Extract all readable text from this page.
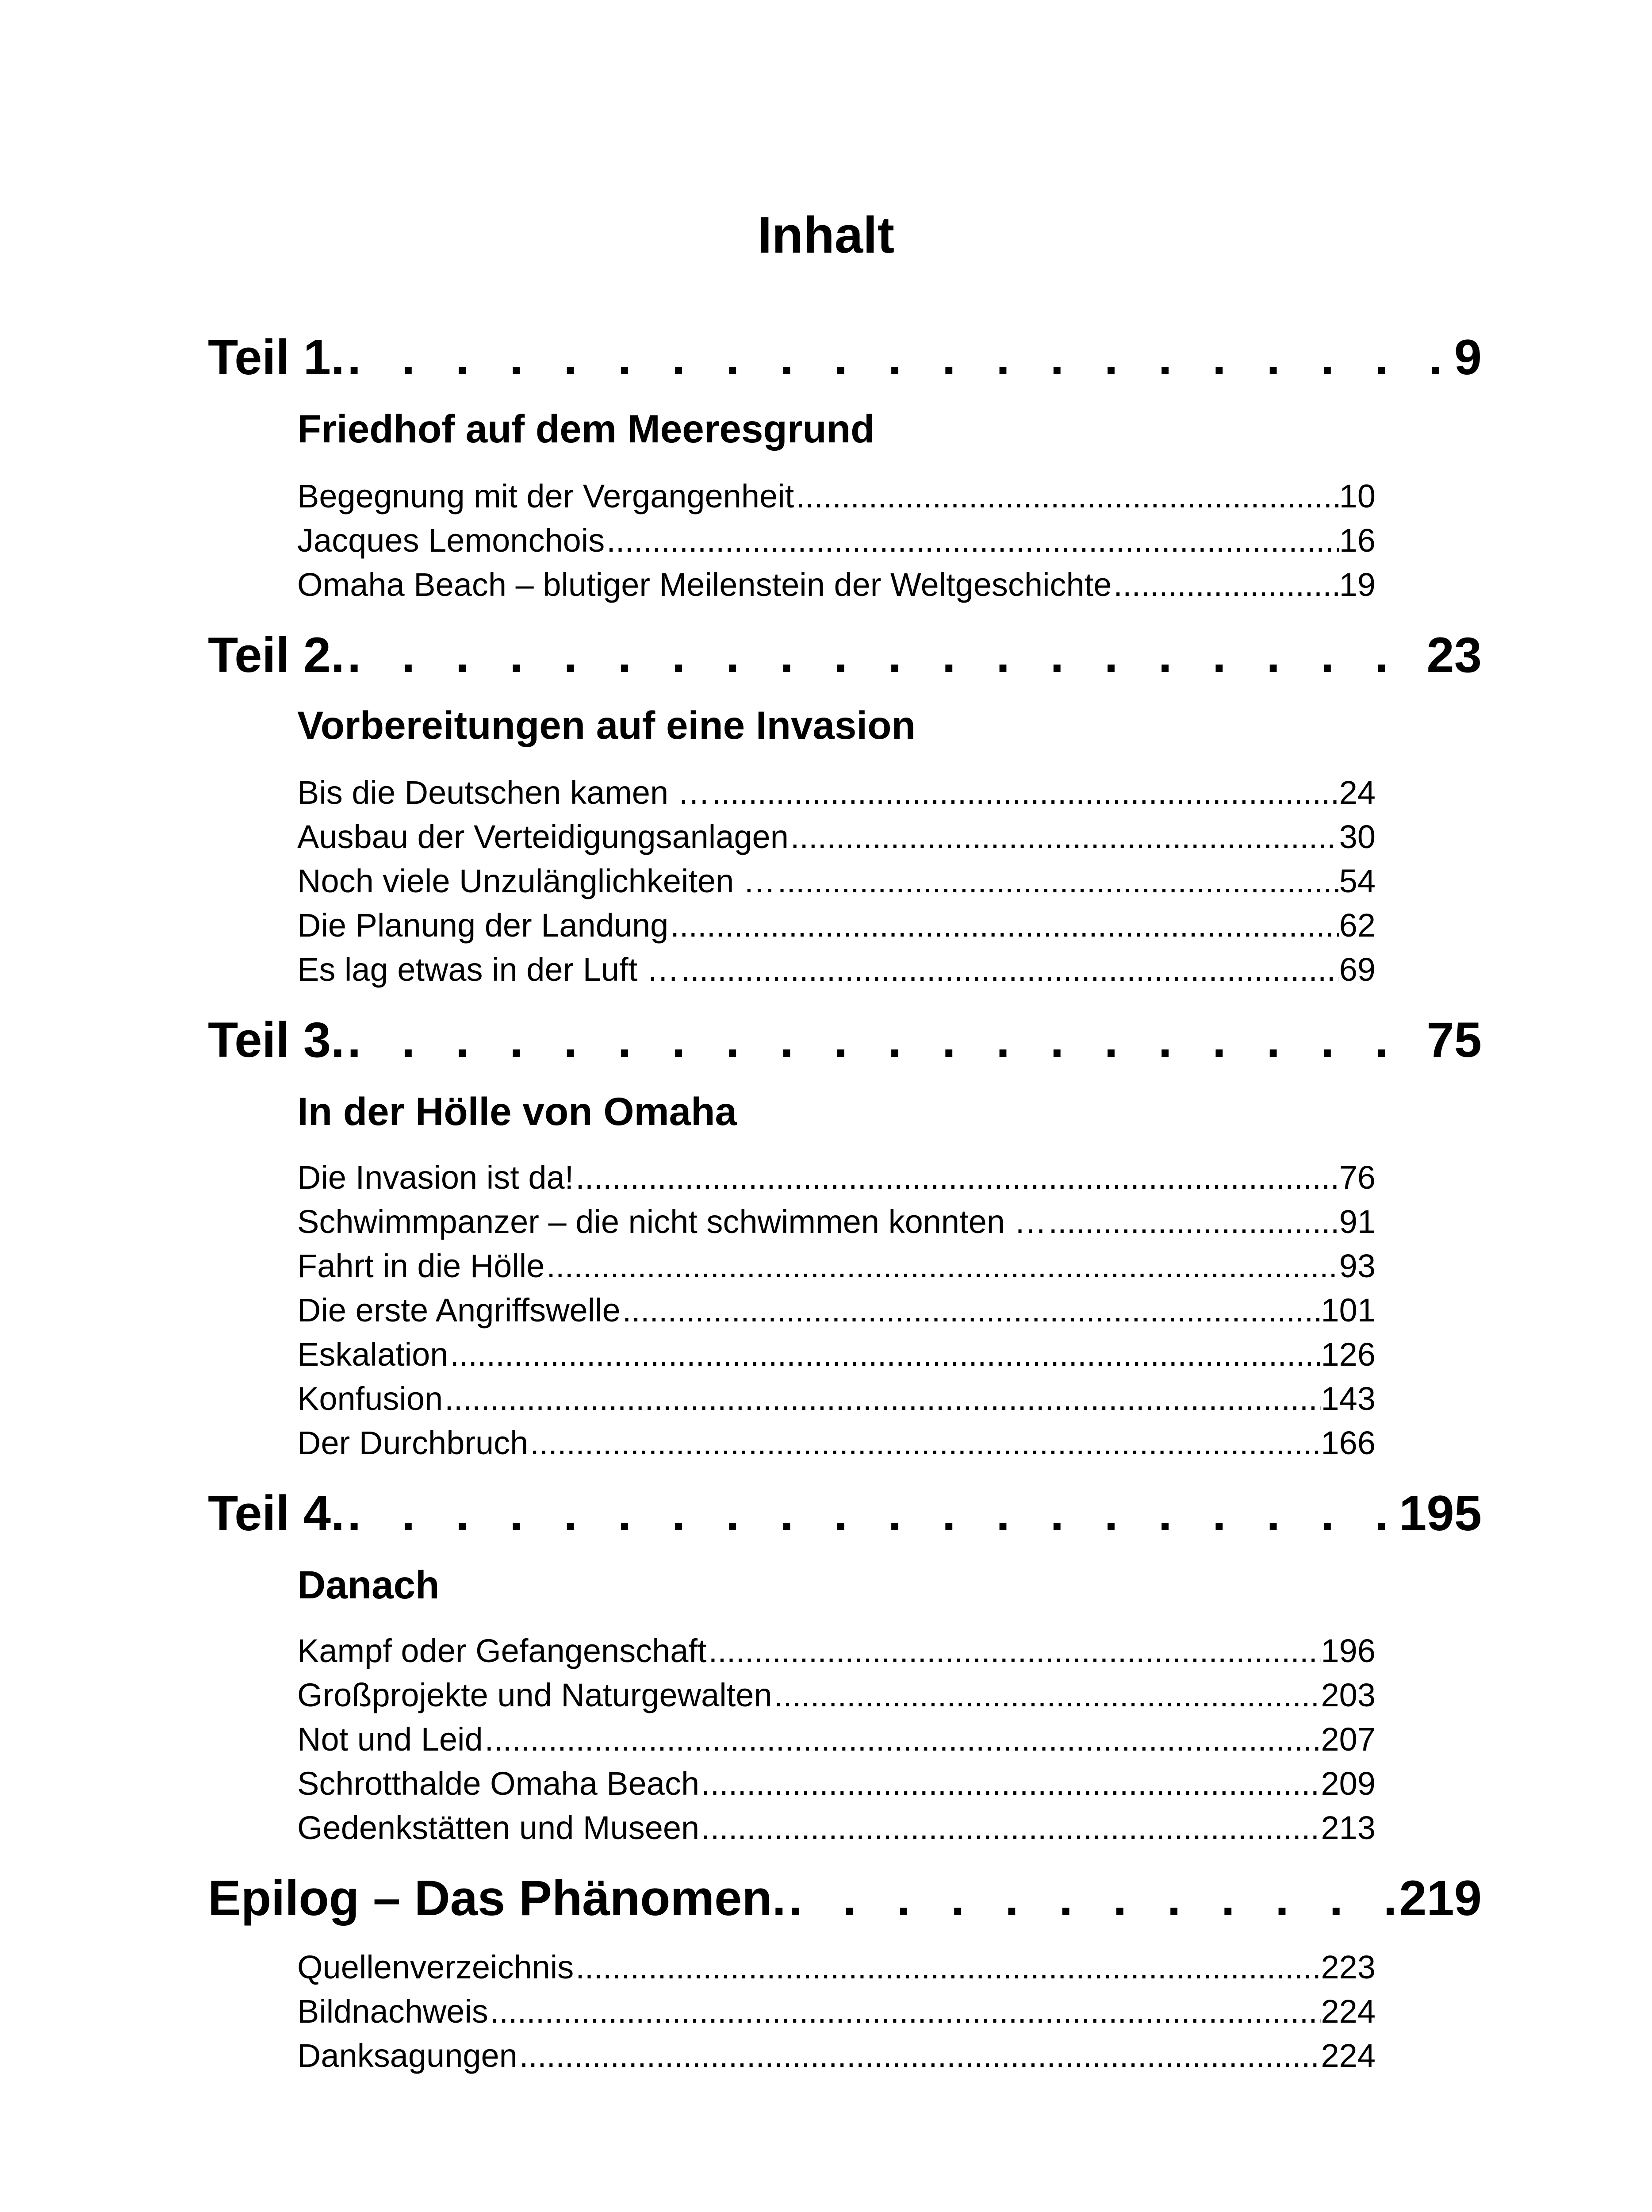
Inhalt
Teil 1. . . .	9
Friedhof auf dem Meeresgrund
Begegnung mit der Vergangenheit .....	10
Jacques Lemonchois .....	16
Omaha Beach – blutiger Meilenstein der Weltgeschichte .....	19
Teil 2. . . .	23
Vorbereitungen auf eine Invasion
Bis die Deutschen kamen … .....	24
Ausbau der Verteidigungsanlagen .....	30
Noch viele Unzulänglichkeiten … .....	54
Die Planung der Landung .....	62
Es lag etwas in der Luft … .....	69
Teil 3. . . .	75
In der Hölle von Omaha
Die Invasion ist da! .....	76
Schwimmpanzer – die nicht schwimmen konnten … .....	91
Fahrt in die Hölle .....	93
Die erste Angriffswelle .....	101
Eskalation .....	126
Konfusion .....	143
Der Durchbruch .....	166
Teil 4. . . .	195
Danach
Kampf oder Gefangenschaft .....	196
Großprojekte und Naturgewalten .....	203
Not und Leid .....	207
Schrotthalde Omaha Beach .....	209
Gedenkstätten und Museen .....	213
Epilog – Das Phänomen. . . .	219
Quellenverzeichnis .....	223
Bildnachweis .....	224
Danksagungen .....	224
